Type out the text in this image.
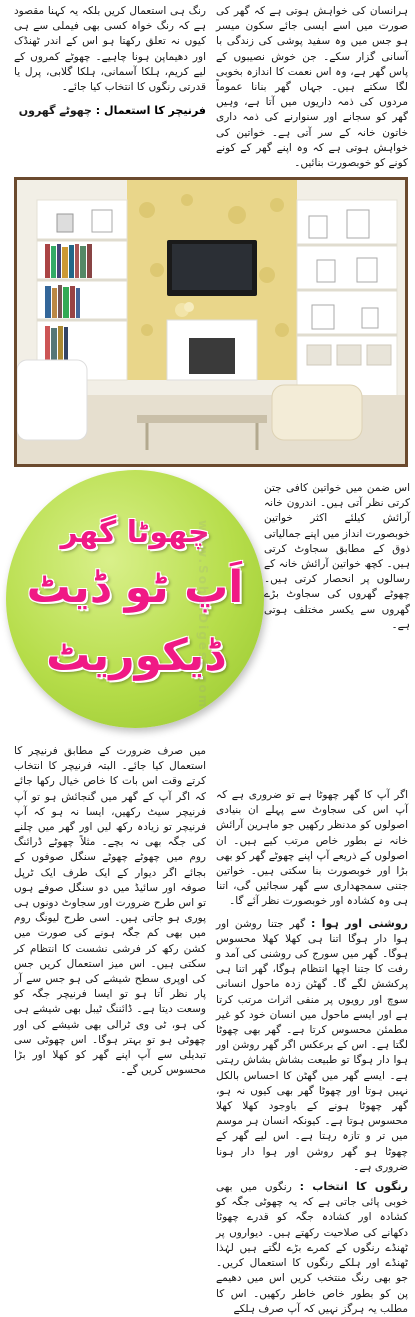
ہرانسان کی خواہش ہوتی ہے کہ گھر کی صورت میں اسے ایسی جائے سکون میسر ہو جس میں وہ سفید پوشی کی زندگی با آسانی گزار سکے۔ جن خوش نصیبوں کے پاس گھر ہے، وہ اس نعمت کا اندازہ بخوبی لگا سکتے ہیں۔ جہاں گھر بنانا عموماً مردوں کی ذمہ داریوں میں آتا ہے، وہیں گھر کو سجانے اور سنوارنے کی ذمہ داری خاتون خانہ کے سر آتی ہے۔ خواتین کی خواہش ہوتی ہے کہ وہ اپنے گھر کے کونے کونے کو خوبصورت بنائیں۔

رنگ ہی استعمال کریں بلکہ یہ کہنا مقصود ہے کہ رنگ خواہ کسی بھی فیملی سے ہی کیوں نہ تعلق رکھتا ہو اس کے اندر ٹھنڈک اور دھیماپن ہونا چاہیے۔ چھوٹے کمروں کے لیے کریم، ہلکا آسمانی، ہلکا گلابی، پرل یا قدرتی رنگوں کا انتخاب کیا جائے۔

فرنیچر کا استعمال : چھوٹے گھروں

چھوٹا گھر
اَپ ٹو ڈیٹ
ڈیکوریٹ

اس ضمن میں خواتین کافی جتن کرتی نظر آتی ہیں۔ اندرون خانہ آرائش کیلئے اکثر خواتین خوبصورت انداز میں اپنے جمالیاتی ذوق کے مطابق سجاوٹ کرتی ہیں۔ کچھ خواتین آرائش خانہ کے رسالوں پر انحصار کرتی ہیں۔ چھوٹے گھروں کی سجاوٹ بڑے گھروں سے یکسر مختلف ہوتی ہے۔

اگر آپ کا گھر چھوٹا ہے تو ضروری ہے کہ آپ اس کی سجاوٹ سے پہلے ان بنیادی اصولوں کو مدنظر رکھیں جو ماہرین آرائش خانہ نے بطور خاص مرتب کیے ہیں۔ ان اصولوں کے ذریعے آپ اپنے چھوٹے گھر کو بھی بڑا اور خوبصورت بنا سکتی ہیں۔ خواتین جتنی سمجھداری سے گھر سجائیں گی، اتنا ہی وہ کشادہ اور خوبصورت نظر آئے گا۔

روشنی اور ہوا : گھر جتنا روشن اور ہوا دار ہوگا اتنا ہی کھلا کھلا محسوس ہوگا۔ گھر میں سورج کی روشنی کی آمد و رفت کا جتنا اچھا انتظام ہوگا، گھر اتنا ہی پرکشش لگے گا۔ گھٹن زدہ ماحول انسانی سوچ اور رویوں پر منفی اثرات مرتب کرتا ہے اور ایسے ماحول میں انسان خود کو غیر مطمئن محسوس کرتا ہے۔ گھر بھی چھوٹا لگتا ہے۔ اس کے برعکس اگر گھر روشن اور ہوا دار ہوگا تو طبیعت بشاش بشاش رہتی ہے۔ ایسے گھر میں گھٹن کا احساس بالکل نہیں ہوتا اور چھوٹا گھر بھی کیوں نہ ہو، گھر چھوٹا ہونے کے باوجود کھلا کھلا محسوس ہوتا ہے۔ کیونکہ انسان ہر موسم میں تر و تازہ رہتا ہے۔ اس لیے گھر کے چھوٹا ہو گھر روشن اور ہوا دار ہونا ضروری ہے۔

رنگوں کا انتخاب : رنگوں میں بھی خوبی پائی جاتی ہے کہ یہ چھوٹی جگہ کو کشادہ اور کشادہ جگہ کو قدرے چھوٹا دکھانے کی صلاحیت رکھتے ہیں۔ دیواروں پر ٹھنڈے رنگوں کے کمرے بڑے لگتے ہیں لہٰذا ٹھنڈے اور ہلکے رنگوں کا استعمال کریں۔ جو بھی رنگ منتخب کریں اس میں دھیمے پن کو بطور خاص خاطر رکھیں۔ اس کا مطلب یہ ہرگز نہیں کہ آپ صرف ہلکے

میں صرف ضرورت کے مطابق فرنیچر کا استعمال کیا جائے۔ البتہ فرنیچر کا انتخاب کرتے وقت اس بات کا خاص خیال رکھا جائے کہ اگر آپ کے گھر میں گنجائش ہو تو آپ فرنیچر سیٹ رکھیں، ایسا نہ ہو کہ آپ فرنیچر تو زیادہ رکھ لیں اور گھر میں چلنے کی جگہ بھی نہ بچے۔ مثلاً چھوٹے ڈرائنگ روم میں چھوٹے چھوٹے سنگل صوفوں کے بجائے اگر دیوار کے ایک طرف ایک ٹرپل صوفہ اور سائیڈ میں دو سنگل صوفے ہوں تو اس طرح ضرورت اور سجاوٹ دونوں ہی پوری ہو جاتی ہیں۔ اسی طرح لیونگ روم میں بھی کم جگہ ہونے کی صورت میں کشن رکھ کر فرشی نشست کا انتظام کر سکتی ہیں۔ اس میز استعمال کریں جس کی اوپری سطح شیشے کی ہو جس سے آر پار نظر آتا ہو تو ایسا فرنیچر جگہ کو وسعت دیتا ہے۔ ڈائننگ ٹیبل بھی شیشے ہی کی ہو، ٹی وی ٹرالی بھی شیشے کی اور چھوٹی ہو تو بہتر ہوگا۔ اس چھوٹی سی تبدیلی سے آپ اپنے گھر کو کھلا اور بڑا محسوس کریں گے۔

www.SohniDigest.com
